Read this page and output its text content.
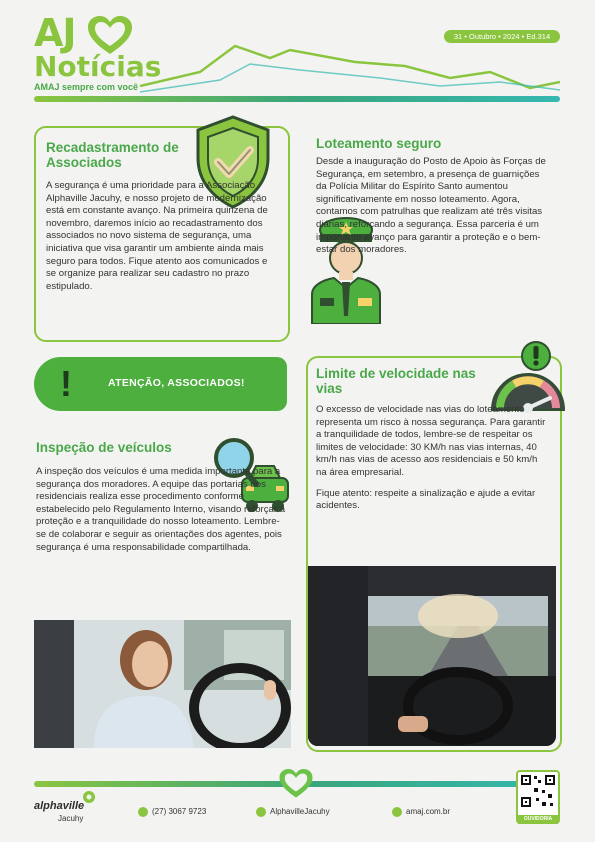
AJ
Notícias
AMAJ sempre com você
31 • Outubro • 2024 • Ed.314
Recadastramento de Associados

A segurança é uma prioridade para a Associação Alphaville Jacuhy, e nosso projeto de modernização está em constante avanço. Na primeira quinzena de novembro, daremos início ao recadastramento dos associados no novo sistema de segurança, uma iniciativa que visa garantir um ambiente ainda mais seguro para todos. Fique atento aos comunicados e se organize para realizar seu cadastro no prazo estipulado.

Loteamento seguro

Desde a inauguração do Posto de Apoio às Forças de Segurança, em setembro, a presença de guarnições da Polícia Militar do Espírito Santo aumentou significativamente em nosso loteamento. Agora, contamos com patrulhas que realizam até três visitas diárias, reforçando a segurança. Essa parceria é um importante avanço para garantir a proteção e o bem-estar dos moradores.

!	ATENÇÃO, ASSOCIADOS!
Inspeção de veículos

A inspeção dos veículos é uma medida importante para a segurança dos moradores. A equipe das portarias dos residenciais realiza esse procedimento conforme estabelecido pelo Regulamento Interno, visando reforçar a proteção e a tranquilidade do nosso loteamento. Lembre-se de colaborar e seguir as orientações dos agentes, pois segurança é uma responsabilidade compartilhada.

Limite de velocidade nas vias

O excesso de velocidade nas vias do loteamento representa um risco à nossa segurança. Para garantir a tranquilidade de todos, lembre-se de respeitar os limites de velocidade: 30 KM/h nas vias internas, 40 km/h nas vias de acesso aos residenciais e 50 km/h na área empresarial.

Fique atento: respeite a sinalização e ajude a evitar acidentes.

alphaville
Jacuhy
(27) 3067 9723	AlphavilleJacuhy	amaj.com.br
OUVIDORIA
